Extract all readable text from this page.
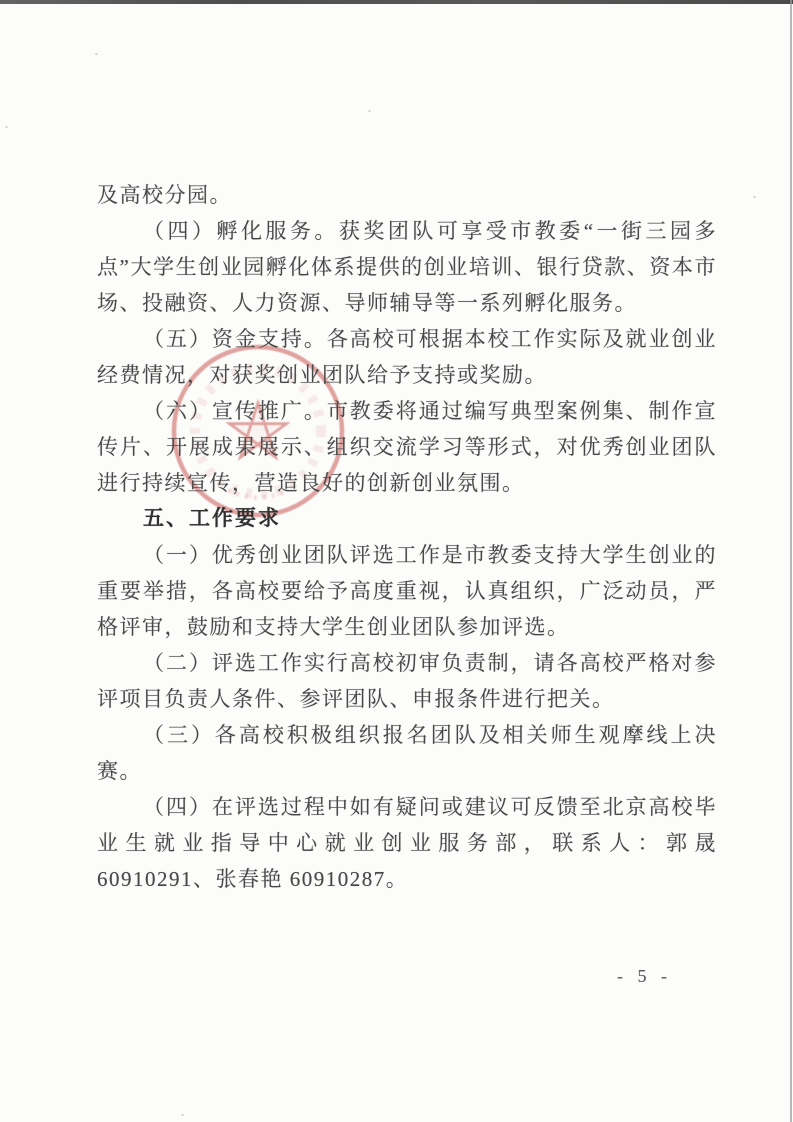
及高校分园。

（四）孵化服务。获奖团队可享受市教委“一街三园多点”大学生创业园孵化体系提供的创业培训、银行贷款、资本市场、投融资、人力资源、导师辅导等一系列孵化服务。

（五）资金支持。各高校可根据本校工作实际及就业创业经费情况，对获奖创业团队给予支持或奖励。

（六）宣传推广。市教委将通过编写典型案例集、制作宣传片、开展成果展示、组织交流学习等形式，对优秀创业团队进行持续宣传，营造良好的创新创业氛围。

五、工作要求

（一）优秀创业团队评选工作是市教委支持大学生创业的重要举措，各高校要给予高度重视，认真组织，广泛动员，严格评审，鼓励和支持大学生创业团队参加评选。

（二）评选工作实行高校初审负责制，请各高校严格对参评项目负责人条件、参评团队、申报条件进行把关。

（三）各高校积极组织报名团队及相关师生观摩线上决赛。

（四）在评选过程中如有疑问或建议可反馈至北京高校毕业生就业指导中心就业创业服务部，联系人：郭晟 60910291、张春艳 60910287。

- 5 -
